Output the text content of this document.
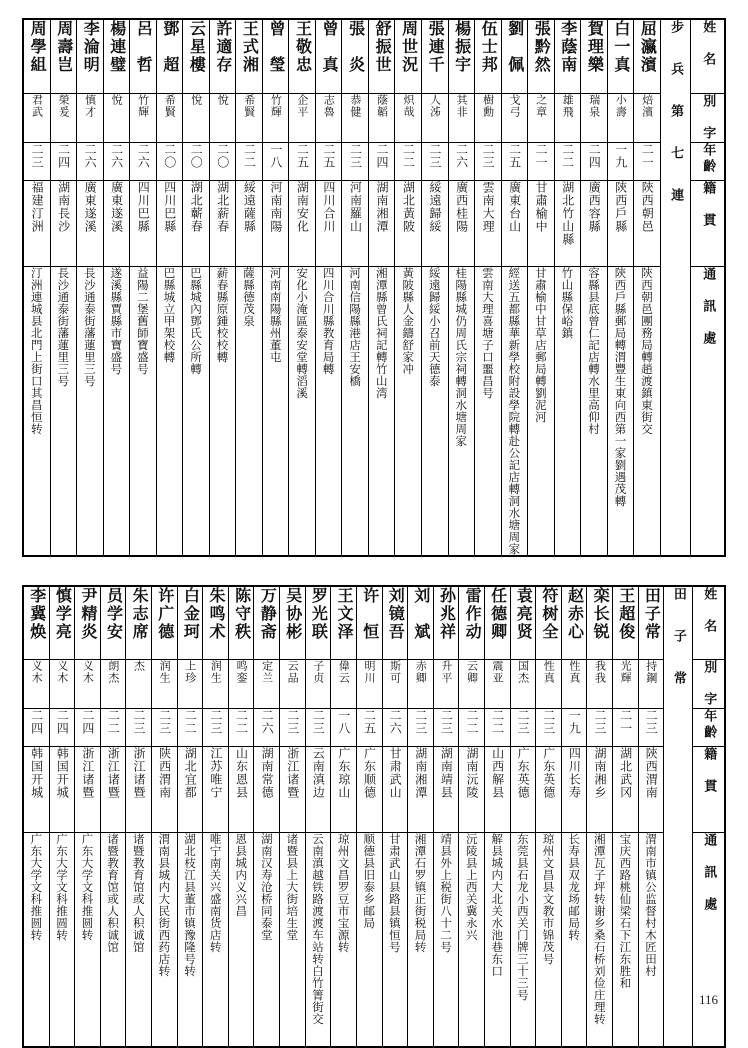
周學組	周壽岂	李淪明	楊連璧	呂　哲	鄧　超	云星樓	許適存	王式湘	曾　瑩	王敬忠	曾　真	張　炎	舒振世	周世況	張連千	楊振宇	伍士邦	劉　佩	張黔然	李蔭南	賀理樂	白一真	屈瀛濱	步 兵 第 七 連	姓　名

君武	榮爰	慎才	悅	竹輝	希賢	悅	悅	希賢	竹輝	企平	志魯	恭健	蔭韜	炽哉	人泲	其非	樹勳	戈弓	之章	雄飛	瑞泉	小壽	焙濱		別　字

二三	二四	二六	二六	二六	二〇	二〇	二〇	二二	一八	二五	二五	二三	二四	二二	二三	二六	二三	二五	二一	二二	二四	一九	二一		年齡

福建汀洲	湖南長沙	廣東遂溪	廣東遂溪	四川巴縣	四川巴縣	湖北蘄春	湖北薪春	綏遠薩縣	河南南陽	湖南安化	四川合川	河南羅山	湖南湘潭	湖北黃陂	綏遠歸綏	廣西桂陽	雲南大理	廣東台山	甘肅榆中	湖北竹山縣	廣西容縣	陝西戶縣	陝西朝邑		籍　貫

汀洲連城县北門上街口其昌恒转	長沙通泰街藩蓮里三号	長沙通泰街藩蓮里三号	遂溪縣賈縣市寶盛号	益陽二堡舊師寶盛号	巴縣城立甲架校轉	巴縣城內鄧氏公所轉	薪春縣原鍾校校轉	薩縣德茂泉	河南南陽縣州董屯	安化小淹區泰安堂轉滔溪	四川合川縣教育局轉	河南信陽縣港店王安橋	湘潭縣曾氏祠記轉竹山湾	黃陂縣人金鑄舒家冲	綏遠歸綏小召前天德泰	桂陽縣城仍周氏宗祠轉洞水塘周家	雲南大理喜塘子口噩昌号	經送五都縣華新學校附設學院轉赴公記店轉洞水塘周家	甘肅榆中甘草店郵局轉劉泥河	竹山縣保峪鎮	容縣县底曾仁記店轉水里高仰村	陝西戶縣郵局轉渭豐生東向西第一家劉遇茂轉	陝西朝邑團務局轉趙渡鎮東街交		通　訊　處
李冀焕	慎学亮	尹精炎	员学安	朱志席	许广德	白金珂	朱鸣术	陈守秩	万静斋	吴协彬	罗光联	王文泽	许　恒	刘镜吾	刘　斌	孙兆祥	雷作动	任德卿	袁亮贤	符树全	赵赤心	栾长锐	王超俊	田子常	田 子 常	姓　名

义木	义木	义木	朗杰	杰	润生	上珍	润生	鸣銮	定兰	云品	子贞	偉云	明川	斯可	赤卿	升平	云卿	震亚	国杰	性真	性真	我我	光輝	持鋼		別　字

二四	二四	二四	二二	二三	二三	二二	二三	二二	二六	二三	二三	一八	二五	二六	二三	二三	二二	二二	二三	二三	一九	二三	二一	二三		年齡

韩国开城	韩国开城	浙江诸暨	浙江诸暨	浙江诸暨	陕西渭南	湖北宜都	江苏唯宁	山东恩县	湖南常德	浙江诸暨	云南滇边	广东琼山	广东顺德	甘肃武山	湖南湘潭	湖南靖县	湖南沅陵	山西解县	广东英德	广东英德	四川长寿	湖南湘乡	湖北武冈	陝西渭南		籍　貫

广东大学文科推圆转	广东大学文科推圆转	广东大学文科推圆转	诸暨教育馆或人积诚馆	诸暨教育馆或人积诚馆	渭南县城内大民街西药店转	湖北枝江县董市镇豫隆号转	唯宁南关兴盛南货店转	恩县城内义兴昌	湖南汉寿沧桥同泰堂	诸暨县上大街培生堂	云南滇越铁路渡渡车站转白竹箐街交	琼州文昌罗豆市宝源转	顺德县旧泰乡邮局	甘肃武山县路县镇恒号	湘潭石罗镇正街税局转	靖县外上税街八十二号	沅陵县上西关冀永兴	解县城内大北关水池巷东口	东莞县石龙小西关门牌三十三号	琼州文昌县文教市锦茂号	长寿县双龙场邮局转	湘潭瓦子坪转谢乡桑石桥刘俭庄理转	宝庆西路桃仙梁石下江东胜和	渭南巿镇公监督村木匠田村		通　訊　處
116
